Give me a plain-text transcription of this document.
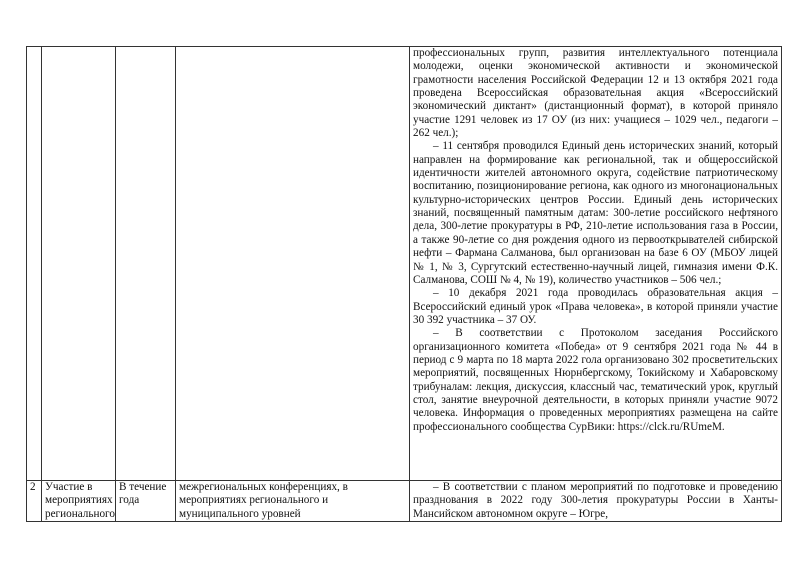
				профессиональных групп, развития интеллектуального потенциала молодежи, оценки экономической активности и экономической грамотности населения Российской Федерации 12 и 13 октября 2021 года проведена Всероссийская образовательная акция «Всероссийский экономический диктант» (дистанционный формат), в которой приняло участие 1291 человек из 17 ОУ (из них: учащиеся – 1029 чел., педагоги – 262 чел.);

– 11 сентября проводился Единый день исторических знаний, который направлен на формирование как региональной, так и общероссийской идентичности жителей автономного округа, содействие патриотическому воспитанию, позиционирование региона, как одного из многонациональных культурно-исторических центров России. Единый день исторических знаний, посвященный памятным датам: 300-летие российского нефтяного дела, 300-летие прокуратуры в РФ, 210-летие использования газа в России, а также 90-летие со дня рождения одного из первооткрывателей сибирской нефти – Фармана Салманова, был организован на базе 6 ОУ (МБОУ лицей № 1, № 3, Сургутский естественно-научный лицей, гимназия имени Ф.К. Салманова, СОШ № 4, № 19), количество участников – 506 чел.;

– 10 декабря 2021 года проводилась образовательная акция – Всероссийский единый урок «Права человека», в которой приняли участие 30 392 участника – 37 ОУ.

– В соответствии с Протоколом заседания Российского организационного комитета «Победа» от 9 сентября 2021 года № 44 в период с 9 марта по 18 марта 2022 гола организовано 302 просветительских мероприятий, посвященных Нюрнбергскому, Токийскому и Хабаровскому трибуналам: лекция, дискуссия, классный час, тематический урок, круглый стол, занятие внеурочной деятельности, в которых приняли участие 9072 человека. Информация о проведенных мероприятиях размещена на сайте профессионального сообщества СурВики: https://clck.ru/RUmeM.

2	Участие в мероприятиях регионального	В течение года	межрегиональных конференциях, в мероприятиях регионального и муниципального уровней	– В соответствии с планом мероприятий по подготовке и проведению празднования в 2022 году 300-летия прокуратуры России в Ханты-Мансийском автономном округе – Югре,
